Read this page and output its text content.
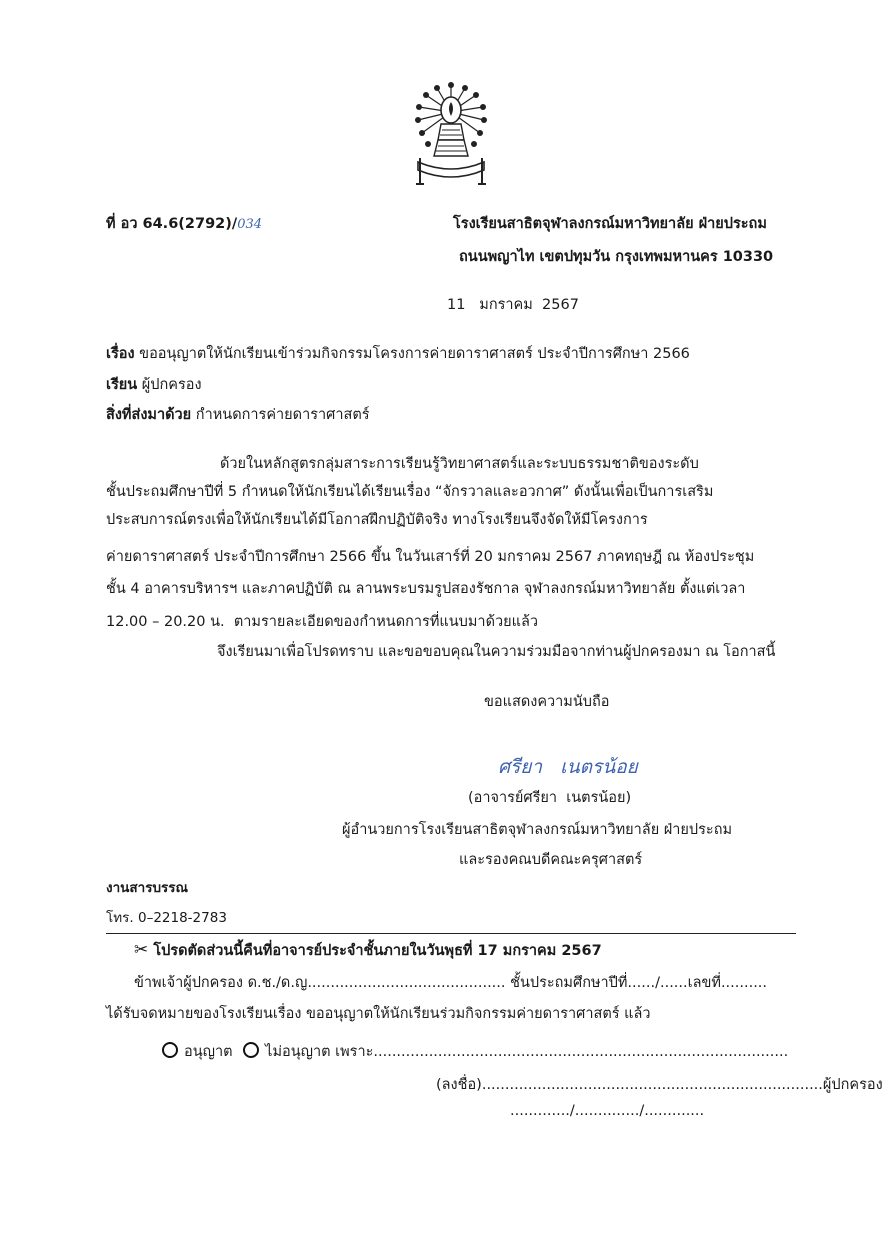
ที่ อว 64.6(2792)/034	โรงเรียนสาธิตจุฬาลงกรณ์มหาวิทยาลัย ฝ่ายประถม
ถนนพญาไท เขตปทุมวัน กรุงเทพมหานคร 10330
11   มกราคม  2567
เรื่อง ขออนุญาตให้นักเรียนเข้าร่วมกิจกรรมโครงการค่ายดาราศาสตร์ ประจำปีการศึกษา 2566
เรียน ผู้ปกครอง
สิ่งที่ส่งมาด้วย กำหนดการค่ายดาราศาสตร์
ด้วยในหลักสูตรกลุ่มสาระการเรียนรู้วิทยาศาสตร์และระบบธรรมชาติของระดับ
ชั้นประถมศึกษาปีที่ 5 กำหนดให้นักเรียนได้เรียนเรื่อง “จักรวาลและอวกาศ” ดังนั้นเพื่อเป็นการเสริม
ประสบการณ์ตรงเพื่อให้นักเรียนได้มีโอกาสฝึกปฏิบัติจริง ทางโรงเรียนจึงจัดให้มีโครงการ
ค่ายดาราศาสตร์ ประจำปีการศึกษา 2566 ขึ้น ในวันเสาร์ที่ 20 มกราคม 2567 ภาคทฤษฎี ณ ห้องประชุม
ชั้น 4 อาคารบริหารฯ และภาคปฏิบัติ ณ ลานพระบรมรูปสองรัชกาล จุฬาลงกรณ์มหาวิทยาลัย ตั้งแต่เวลา
12.00 – 20.20 น.  ตามรายละเอียดของกำหนดการที่แนบมาด้วยแล้ว
จึงเรียนมาเพื่อโปรดทราบ และขอขอบคุณในความร่วมมือจากท่านผู้ปกครองมา ณ โอกาสนี้
ขอแสดงความนับถือ
ศรียา   เนตรน้อย
(อาจารย์ศรียา  เนตรน้อย)
ผู้อำนวยการโรงเรียนสาธิตจุฬาลงกรณ์มหาวิทยาลัย ฝ่ายประถม
และรองคณบดีคณะครุศาสตร์
งานสารบรรณ
โทร. 0–2218-2783
✂ โปรดตัดส่วนนี้คืนที่อาจารย์ประจำชั้นภายในวันพุธที่ 17 มกราคม 2567
ข้าพเจ้าผู้ปกครอง ด.ช./ด.ญ........................................... ชั้นประถมศึกษาปีที่....../......เลขที่..........
ได้รับจดหมายของโรงเรียนเรื่อง ขออนุญาตให้นักเรียนร่วมกิจกรรมค่ายดาราศาสตร์ แล้ว
อนุญาต ไม่อนุญาต เพราะ..........................................................................................
(ลงชื่อ)..........................................................................ผู้ปกครอง
............./............../.............
